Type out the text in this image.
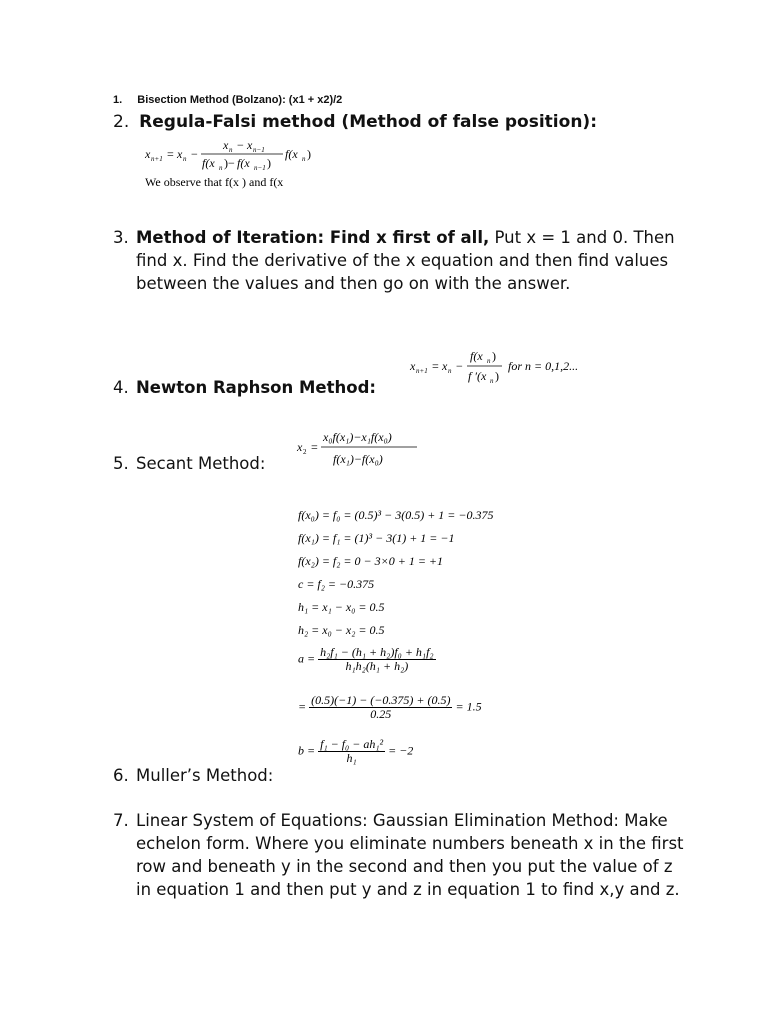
1. Bisection Method (Bolzano): (x1 + x2)/2
2. Regula-Falsi method (Method of false position):
x n+1 = x n −
x n − x n−1
f(x n )− f(x n−1 )
f(x n )
We observe that f(x ) and f(x
3. Method of Iteration: Find x first of all, Put x = 1 and 0. Then find x. Find the derivative of the x equation and then find values between the values and then go on with the answer.
x n+1 = x n −
f(x n )
f ′(x n )
for n = 0,1,2...
4. Newton Raphson Method:
x 2 =
x₀f(x₁)−x₁f(x₀)
f(x₁)−f(x₀)
5. Secant Method:
f(x₀) = f₀ = (0.5)³ − 3(0.5) + 1 = −0.375
f(x₁) = f₁ = (1)³ − 3(1) + 1 = −1
f(x₂) = f₂ = 0 − 3×0 + 1 = +1
c = f₂ = −0.375
h₁ = x₁ − x₀ = 0.5
h₂ = x₀ − x₂ = 0.5
$a = \frac{\text{h₂f₁ − (h₁ + h₂)f₀ + h₁f₂}}{\text{h₁h₂(h₁ + h₂)}}$
= $\frac{(0.5)(-1) - (-0.375) + (0.5)}{0.25} = 1.5$
$b = \frac{\text{f₁ − f₀ − ah₁²}}{\text{h₁}} = -2$
6. Muller’s Method:
7. Linear System of Equations: Gaussian Elimination Method: Make echelon form. Where you eliminate numbers beneath x in the first row and beneath y in the second and then you put the value of z in equation 1 and then put y and z in equation 1 to find x,y and z.
